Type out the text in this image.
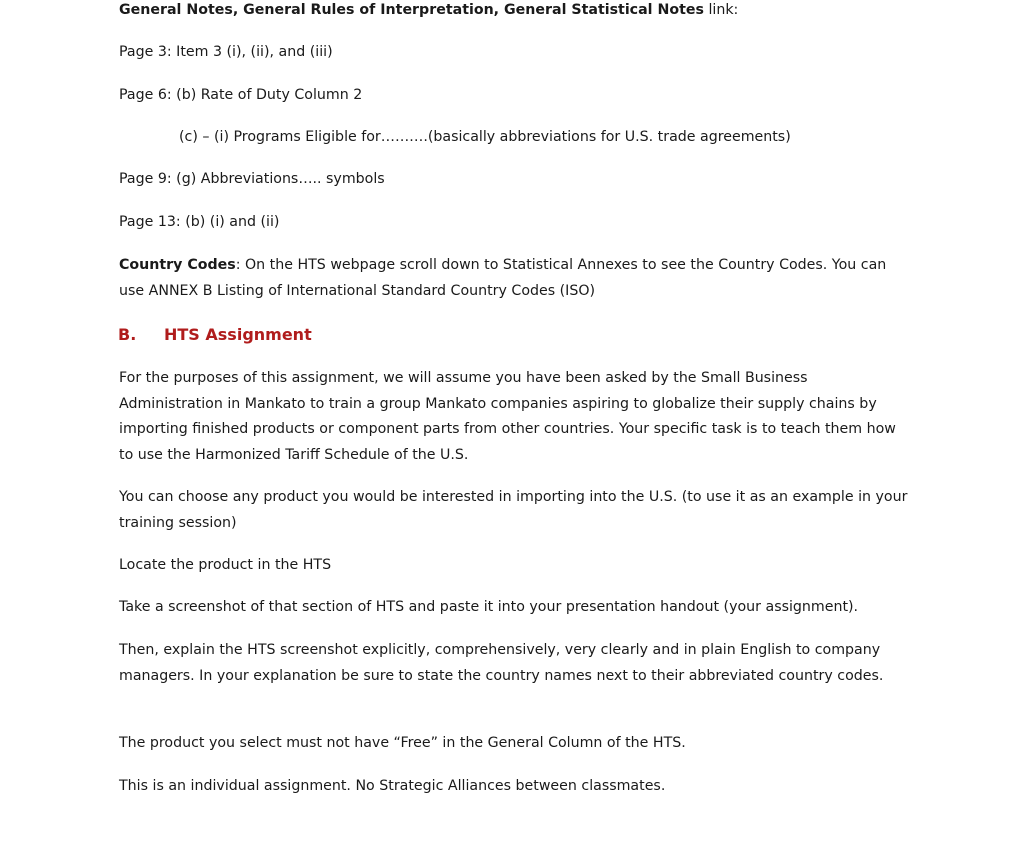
General Notes, General Rules of Interpretation, General Statistical Notes link:
Page 3: Item 3 (i), (ii), and (iii)
Page 6: (b) Rate of Duty Column 2
(c) – (i) Programs Eligible for……….(basically abbreviations for U.S. trade agreements)
Page 9: (g) Abbreviations….. symbols
Page 13: (b) (i) and (ii)
Country Codes: On the HTS webpage scroll down to Statistical Annexes to see the Country Codes. You can use ANNEX B Listing of International Standard Country Codes (ISO)
B. HTS Assignment
For the purposes of this assignment, we will assume you have been asked by the Small Business Administration in Mankato to train a group Mankato companies aspiring to globalize their supply chains by importing finished products or component parts from other countries. Your specific task is to teach them how to use the Harmonized Tariff Schedule of the U.S.
You can choose any product you would be interested in importing into the U.S. (to use it as an example in your training session)
Locate the product in the HTS
Take a screenshot of that section of HTS and paste it into your presentation handout (your assignment).
Then, explain the HTS screenshot explicitly, comprehensively, very clearly and in plain English to company managers. In your explanation be sure to state the country names next to their abbreviated country codes.
The product you select must not have “Free” in the General Column of the HTS.
This is an individual assignment. No Strategic Alliances between classmates.
